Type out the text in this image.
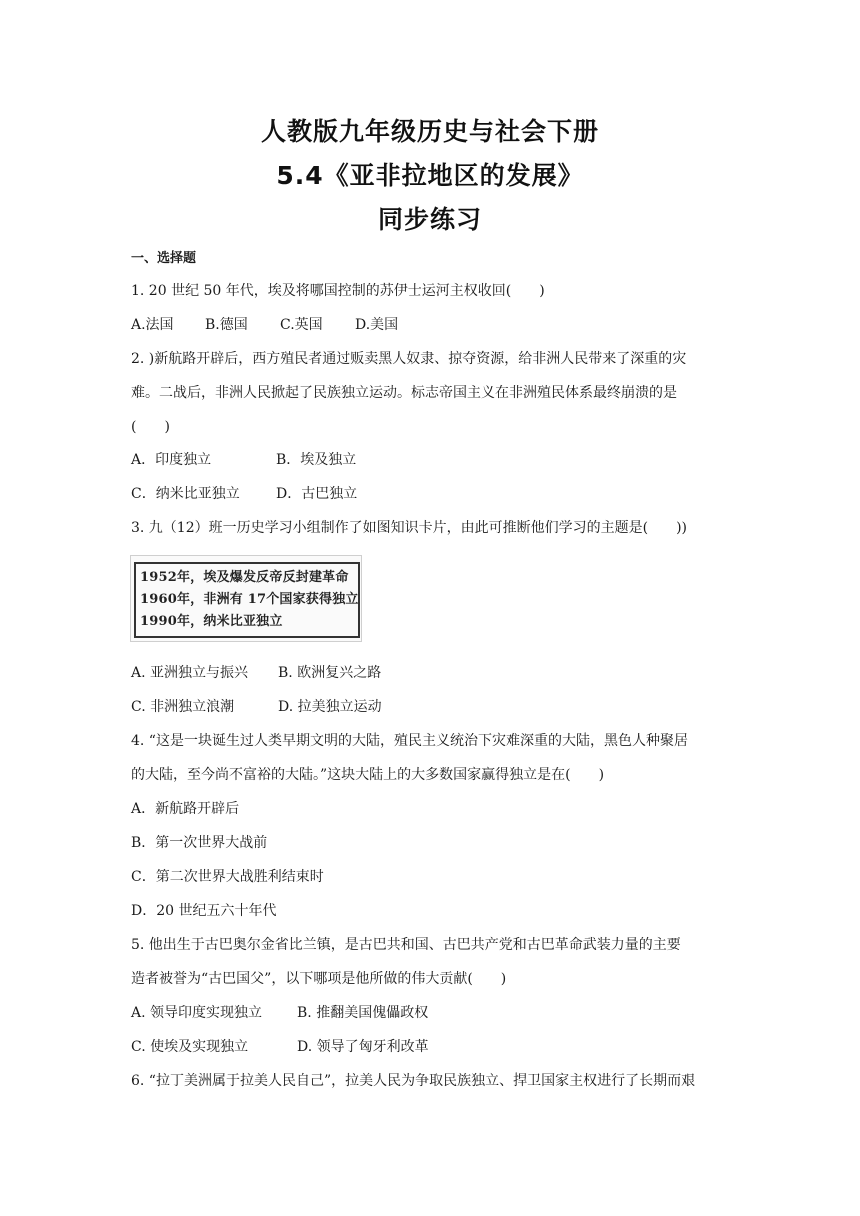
人教版九年级历史与社会下册
5.4《亚非拉地区的发展》
同步练习
一、选择题
1. 20 世纪 50 年代，埃及将哪国控制的苏伊士运河主权收回(　　)
A.法国 B.德国 C.英国 D.美国
2. )新航路开辟后，西方殖民者通过贩卖黑人奴隶、掠夺资源，给非洲人民带来了深重的灾
难。二战后，非洲人民掀起了民族独立运动。标志帝国主义在非洲殖民体系最终崩溃的是
(　　)
A．印度独立	B．埃及独立
C．纳米比亚独立	D．古巴独立
3. 九（12）班一历史学习小组制作了如图知识卡片，由此可推断他们学习的主题是(　　))
1952年，埃及爆发反帝反封建革命
1960年，非洲有 17个国家获得独立
1990年，纳米比亚独立
A. 亚洲独立与振兴 B. 欧洲复兴之路
C. 非洲独立浪潮	D. 拉美独立运动
4. “这是一块诞生过人类早期文明的大陆，殖民主义统治下灾难深重的大陆，黑色人种聚居
的大陆，至今尚不富裕的大陆。”这块大陆上的大多数国家赢得独立是在(　　)
A．新航路开辟后
B．第一次世界大战前
C．第二次世界大战胜利结束时
D．20 世纪五六十年代
5. 他出生于古巴奥尔金省比兰镇，是古巴共和国、古巴共产党和古巴革命武装力量的主要
造者被誉为“古巴国父”，以下哪项是他所做的伟大贡献(　　)
A. 领导印度实现独立 B. 推翻美国傀儡政权
C. 使埃及实现独立	D. 领导了匈牙利改革
6. “拉丁美洲属于拉美人民自己”，拉美人民为争取民族独立、捍卫国家主权进行了长期而艰
